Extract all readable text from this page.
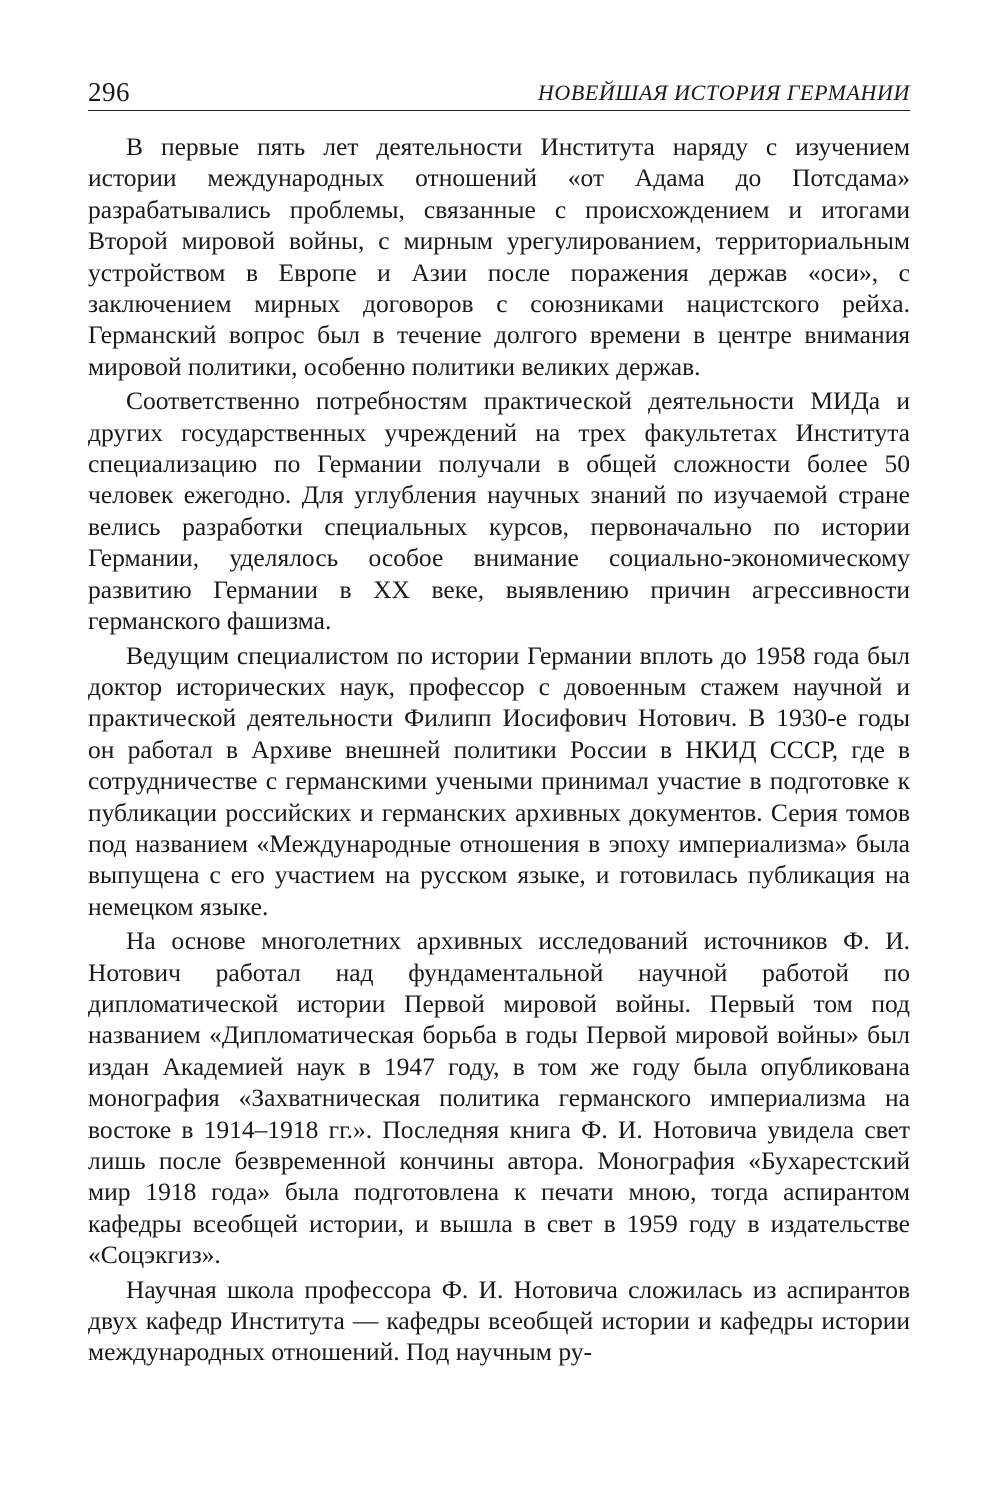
296	НОВЕЙШАЯ ИСТОРИЯ ГЕРМАНИИ

В первые пять лет деятельности Института наряду с изучением истории международных отношений «от Адама до Потсдама» разрабатывались проблемы, связанные с происхождением и итогами Второй мировой войны, с мирным урегулированием, территориальным устройством в Европе и Азии после поражения держав «оси», с заключением мирных договоров с союзниками нацистского рейха. Германский вопрос был в течение долгого времени в центре внимания мировой политики, особенно политики великих держав.

Соответственно потребностям практической деятельности МИДа и других государственных учреждений на трех факультетах Института специализацию по Германии получали в общей сложности более 50 человек ежегодно. Для углубления научных знаний по изучаемой стране велись разработки специальных курсов, первоначально по истории Германии, уделялось особое внимание социально-экономическому развитию Германии в XX веке, выявлению причин агрессивности германского фашизма.

Ведущим специалистом по истории Германии вплоть до 1958 года был доктор исторических наук, профессор с довоенным стажем научной и практической деятельности Филипп Иосифович Нотович. В 1930-е годы он работал в Архиве внешней политики России в НКИД СССР, где в сотрудничестве с германскими учеными принимал участие в подготовке к публикации российских и германских архивных документов. Серия томов под названием «Международные отношения в эпоху империализма» была выпущена с его участием на русском языке, и готовилась публикация на немецком языке.

На основе многолетних архивных исследований источников Ф. И. Нотович работал над фундаментальной научной работой по дипломатической истории Первой мировой войны. Первый том под названием «Дипломатическая борьба в годы Первой мировой войны» был издан Академией наук в 1947 году, в том же году была опубликована монография «Захватническая политика германского империализма на востоке в 1914–1918 гг.». Последняя книга Ф. И. Нотовича увидела свет лишь после безвременной кончины автора. Монография «Бухарестский мир 1918 года» была подготовлена к печати мною, тогда аспирантом кафедры всеобщей истории, и вышла в свет в 1959 году в издательстве «Соцэкгиз».

Научная школа профессора Ф. И. Нотовича сложилась из аспирантов двух кафедр Института — кафедры всеобщей истории и кафедры истории международных отношений. Под научным ру-
